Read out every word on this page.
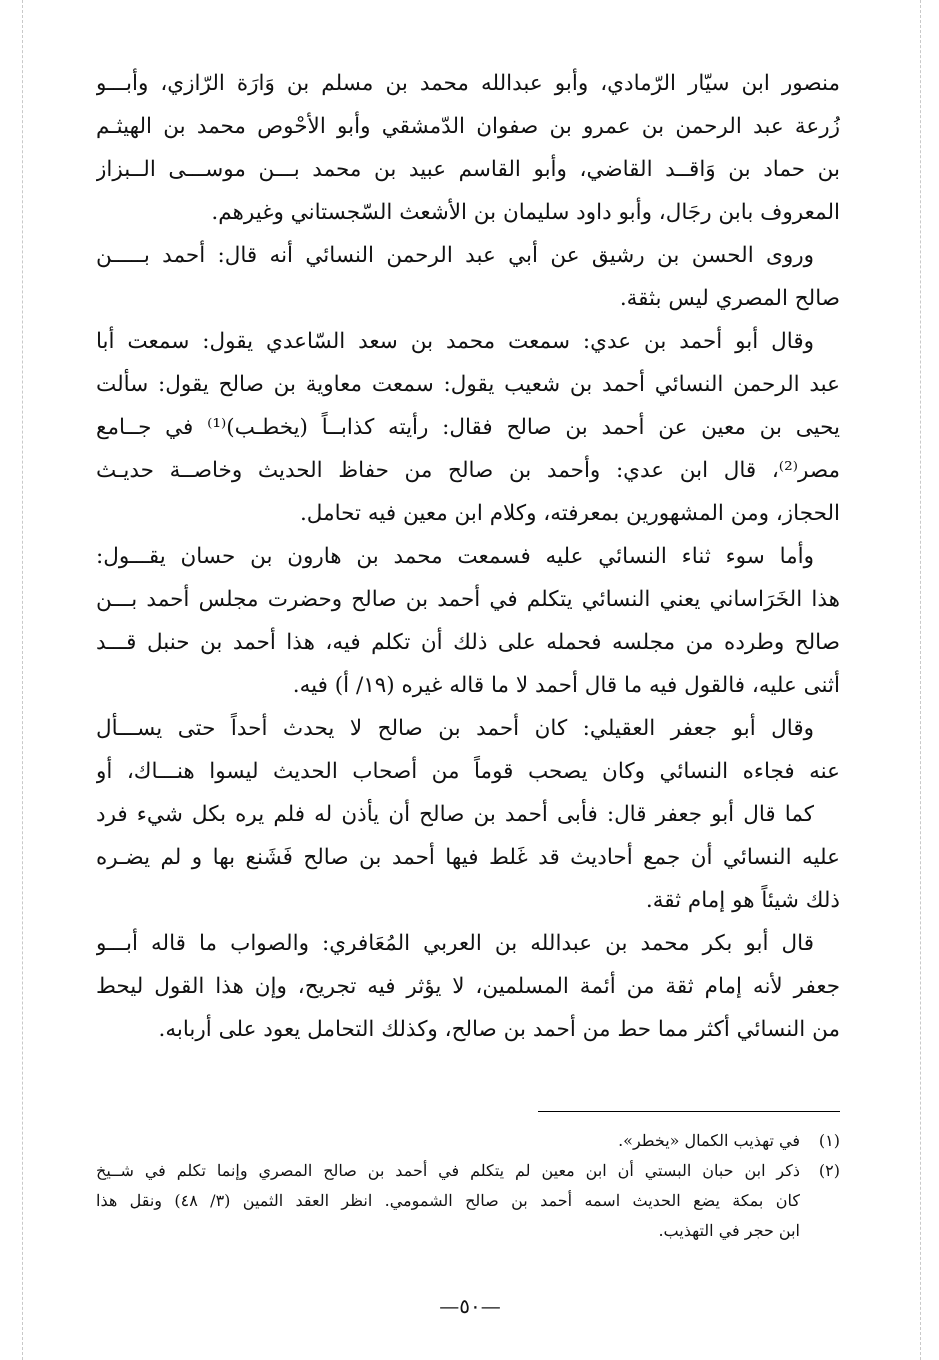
منصور ابن سيّار الرّمادي، وأبو عبدالله محمد بن مسلم بن وَارَة الرّازي، وأبـــو
زُرعة عبد الرحمن بن عمرو بن صفوان الدّمشقي وأبو الأحْوص محمد بن الهيثـم
بن حماد بن وَاقــد القاضي، وأبو القاسم عبيد بن محمد بـــن موســـى الــبزاز
المعروف بابن رجَال، وأبو داود سليمان بن الأشعث السّجستاني وغيرهم.
وروى الحسن بن رشيق عن أبي عبد الرحمن النسائي أنه قال: أحمد بـــــن
صالح المصري ليس بثقة.
وقال أبو أحمد بن عدي: سمعت محمد بن سعد السّاعدي يقول: سمعت أبا
عبد الرحمن النسائي أحمد بن شعيب يقول: سمعت معاوية بن صالح يقول: سألت
يحيى بن معين عن أحمد بن صالح فقال: رأيته كذابــاً (يخطـب)⁽¹⁾ في جــامع
مصر⁽²⁾، قال ابن عدي: وأحمد بن صالح من حفاظ الحديث وخاصــة حديـث
الحجاز، ومن المشهورين بمعرفته، وكلام ابن معين فيه تحامل.
وأما سوء ثناء النسائي عليه فسمعت محمد بن هارون بن حسان يقـــول:
هذا الخَرَاساني يعني النسائي يتكلم في أحمد بن صالح وحضرت مجلس أحمد بـــن
صالح وطرده من مجلسه فحمله على ذلك أن تكلم فيه، هذا أحمد بن حنبل قـــد
أثنى عليه، فالقول فيه ما قال أحمد لا ما قاله غيره (١٩/ أ) فيه.
وقال أبو جعفر العقيلي: كان أحمد بن صالح لا يحدث أحداً حتى يســـأل
عنه فجاءه النسائي وكان يصحب قوماً من أصحاب الحديث ليسوا هنـــاك، أو
كما قال أبو جعفر قال: فأبى أحمد بن صالح أن يأذن له فلم يره بكل شيء فرد
عليه النسائي أن جمع أحاديث قد غَلط فيها أحمد بن صالح فَشَنع بها و لم يضـره
ذلك شيئاً هو إمام ثقة.
قال أبو بكر محمد بن عبدالله بن العربي المُعَافري: والصواب ما قاله أبـــو
جعفر لأنه إمام ثقة من أئمة المسلمين، لا يؤثر فيه تجريح، وإن هذا القول ليحط
من النسائي أكثر مما حط من أحمد بن صالح، وكذلك التحامل يعود على أربابه.
(١)
في تهذيب الكمال «يخطر».
(٢)
ذكر ابن حبان البستي أن ابن معين لم يتكلم في أحمد بن صالح المصري وإنما تكلم في شــيخ
كان بمكة يضع الحديث اسمه أحمد بن صالح الشمومي. انظر العقد الثمين (٣/ ٤٨) ونقل هذا
ابن حجر في التهذيب.
—٥٠—
